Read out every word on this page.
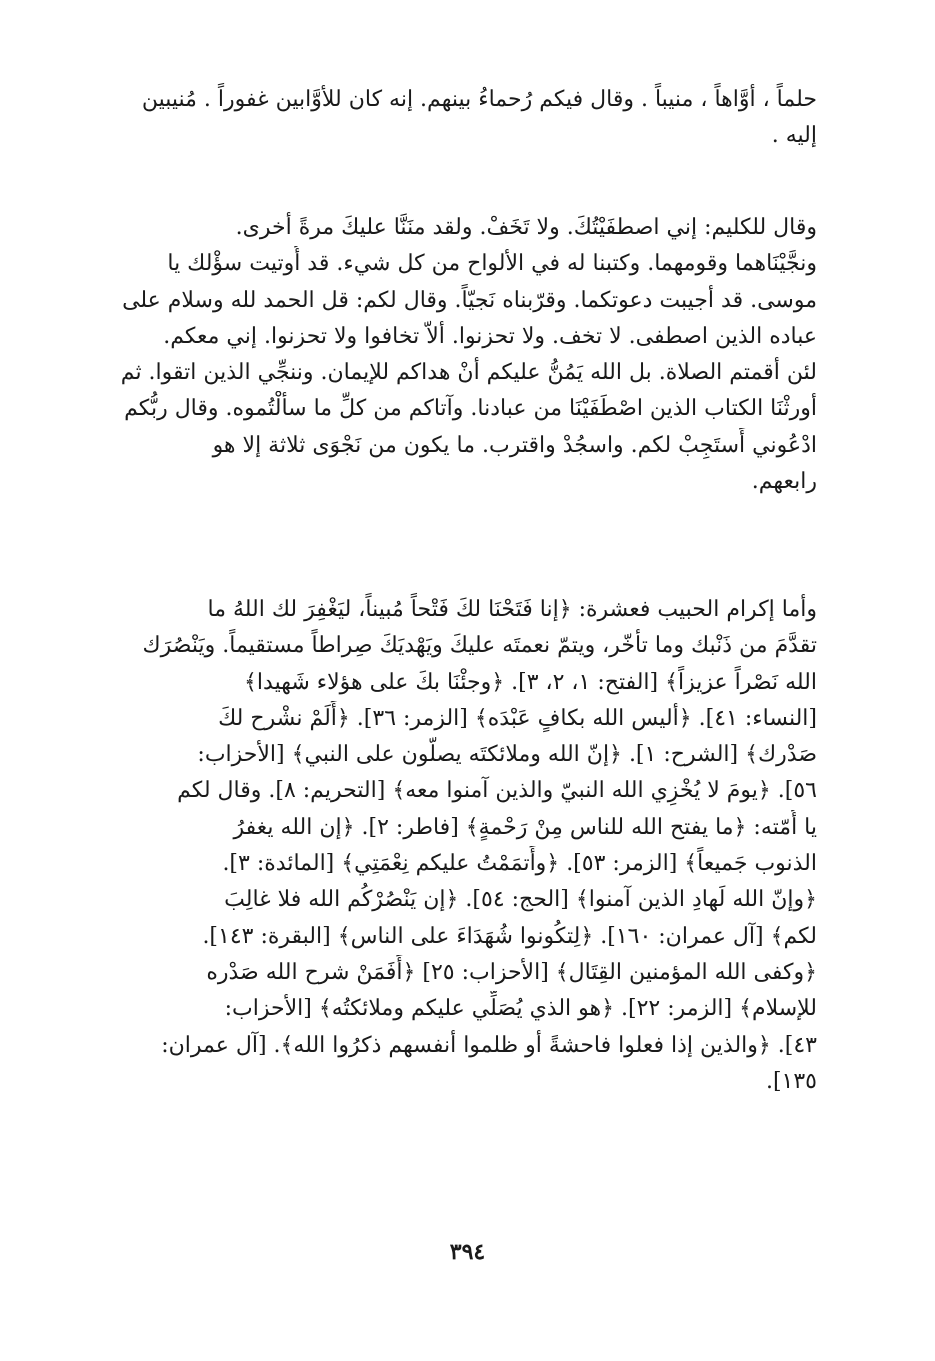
حلماً ، أوَّاهاً ، منيباً . وقال فيكم رُحماءُ بينهم. إنه كان للأوَّابين غفوراً . مُنيبين
إليه .
وقال للكليم: إني اصطفَيْتُكَ. ولا تَخَفْ. ولقد منَنَّا عليكَ مرةً أخرى.
ونجَّيْنَاهما وقومهما. وكتبنا له في الألواح من كل شيء. قد أُوتيت سؤْلك يا
موسى. قد أجيبت دعوتكما. وقرّبناه نَجيّاً. وقال لكم: قل الحمد لله وسلام على
عباده الذين اصطفى. لا تخف. ولا تحزنوا. ألاّ تخافوا ولا تحزنوا. إني معكم.
لئن أقمتم الصلاة. بل الله يَمُنُّ عليكم أنْ هداكم للإيمان. وننجِّي الذين اتقوا. ثم
أورثْنَا الكتاب الذين اصْطَفَيْنَا من عبادنا. وآتاكم من كلِّ ما سألْتُموه. وقال ربُّكم
ادْعُوني أَستَجِبْ لكم. واسجُدْ واقترب. ما يكون من نَجْوَى ثلاثة إلا هو
رابعهم.
وأما إكرام الحبيب فعشرة: ﴿إنا فَتَحْنَا لكَ فَتْحاً مُبيناً، ليَغْفِرَ لك اللهُ ما
تقدَّمَ من ذَنْبك وما تأخّر، ويتمّ نعمتَه عليكَ ويَهْديَكَ صِراطاً مستقيماً. ويَنْصُرَك
الله نَصْراً عزيزاً﴾ [الفتح: ١، ٢، ٣]. ﴿وجئْنَا بكَ على هؤلاء شَهيدا﴾
[النساء: ٤١]. ﴿أليس الله بكافٍ عَبْدَه﴾ [الزمر: ٣٦]. ﴿أَلَمْ نشْرح لكَ
صَدْرك﴾ [الشرح: ١]. ﴿إنّ الله وملائكتَه يصلُّون على النبي﴾ [الأحزاب:
٥٦]. ﴿يومَ لا يُخْزِي الله النبيّ والذين آمنوا معه﴾ [التحريم: ٨]. وقال لكم
يا أُمّته: ﴿ما يفتح الله للناس مِنْ رَحْمةٍ﴾ [فاطر: ٢]. ﴿إن الله يغفرُ
الذنوب جَميعاً﴾ [الزمر: ٥٣]. ﴿وأَتمَمْتُ عليكم نِعْمَتِي﴾ [المائدة: ٣].
﴿وإنّ الله لَهادِ الذين آمنوا﴾ [الحج: ٥٤]. ﴿إن يَنْصُرْكُم الله فلا غالِبَ
لكم﴾ [آل عمران: ١٦٠]. ﴿لِتكُونوا شُهَدَاءَ على الناس﴾ [البقرة: ١٤٣].
﴿وكفى الله المؤمنين القِتَال﴾ [الأحزاب: ٢٥] ﴿أَفَمَنْ شرح الله صَدْره
للإسلام﴾ [الزمر: ٢٢]. ﴿هو الذي يُصَلِّي عليكم وملائكتُه﴾ [الأحزاب:
٤٣]. ﴿والذين إذا فعلوا فاحشةً أو ظلموا أنفسهم ذكرُوا الله﴾. [آل عمران:
١٣٥].
٣٩٤
